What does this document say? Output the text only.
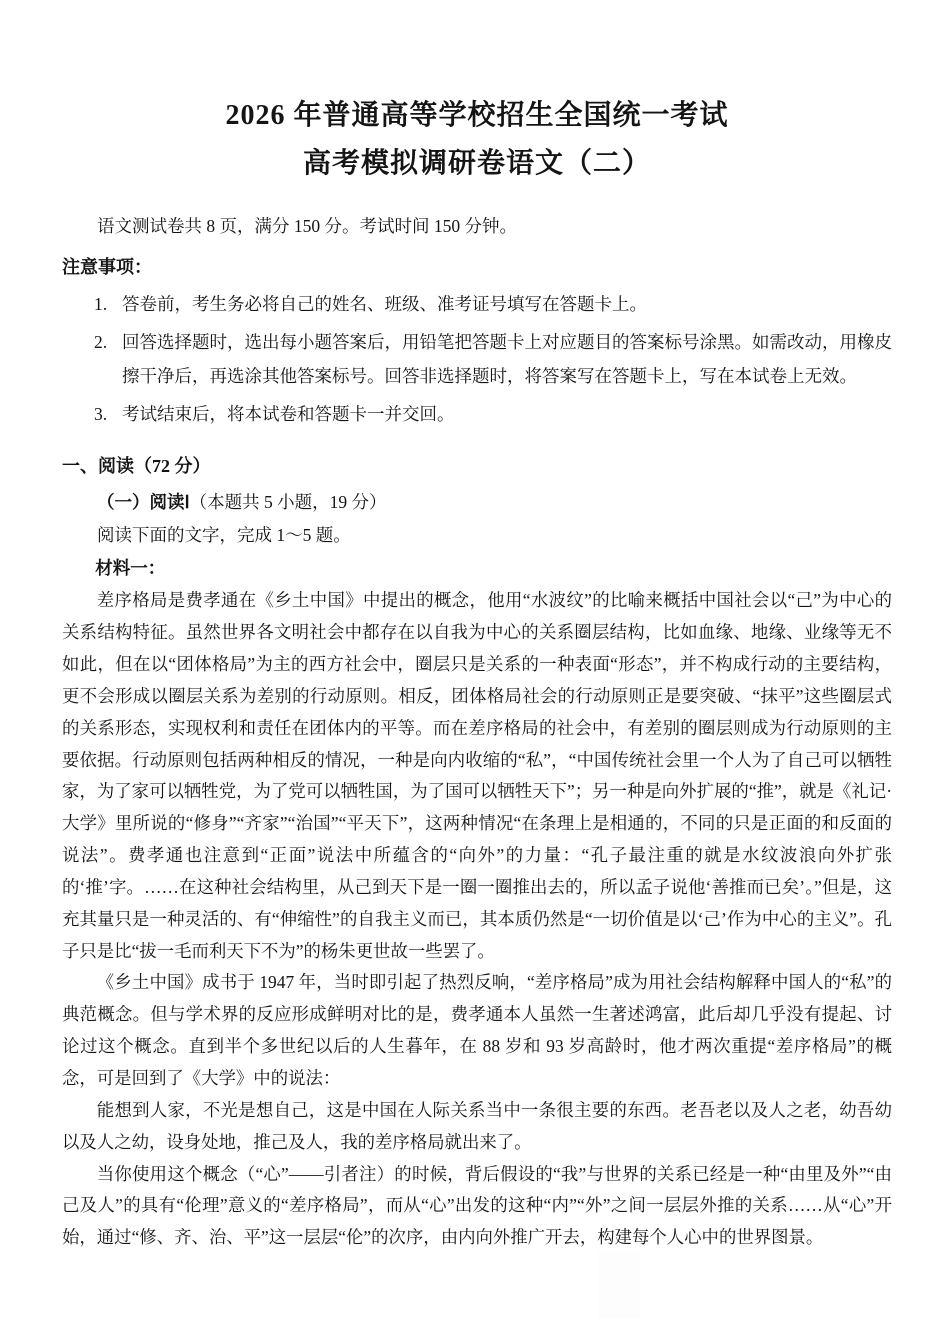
2026 年普通高等学校招生全国统一考试
高考模拟调研卷语文（二）
语文测试卷共 8 页，满分 150 分。考试时间 150 分钟。
注意事项：
1. 答卷前，考生务必将自己的姓名、班级、准考证号填写在答题卡上。
2. 回答选择题时，选出每小题答案后，用铅笔把答题卡上对应题目的答案标号涂黑。如需改动，用橡皮擦干净后，再选涂其他答案标号。回答非选择题时，将答案写在答题卡上，写在本试卷上无效。
3. 考试结束后，将本试卷和答题卡一并交回。
一、阅读（72 分）
（一）阅读Ⅰ（本题共 5 小题，19 分）
阅读下面的文字，完成 1～5 题。
材料一：

差序格局是费孝通在《乡土中国》中提出的概念，他用“水波纹”的比喻来概括中国社会以“己”为中心的关系结构特征。虽然世界各文明社会中都存在以自我为中心的关系圈层结构，比如血缘、地缘、业缘等无不如此，但在以“团体格局”为主的西方社会中，圈层只是关系的一种表面“形态”，并不构成行动的主要结构，更不会形成以圈层关系为差别的行动原则。相反，团体格局社会的行动原则正是要突破、“抹平”这些圈层式的关系形态，实现权利和责任在团体内的平等。而在差序格局的社会中，有差别的圈层则成为行动原则的主要依据。行动原则包括两种相反的情况，一种是向内收缩的“私”，“中国传统社会里一个人为了自己可以牺牲家，为了家可以牺牲党，为了党可以牺牲国，为了国可以牺牲天下”；另一种是向外扩展的“推”，就是《礼记·大学》里所说的“修身”“齐家”“治国”“平天下”，这两种情况“在条理上是相通的，不同的只是正面的和反面的说法”。费孝通也注意到“正面”说法中所蕴含的“向外”的力量：“孔子最注重的就是水纹波浪向外扩张的‘推’字。……在这种社会结构里，从己到天下是一圈一圈推出去的，所以孟子说他‘善推而已矣’。”但是，这充其量只是一种灵活的、有“伸缩性”的自我主义而已，其本质仍然是“一切价值是以‘己’作为中心的主义”。孔子只是比“拔一毛而利天下不为”的杨朱更世故一些罢了。

《乡土中国》成书于 1947 年，当时即引起了热烈反响，“差序格局”成为用社会结构解释中国人的“私”的典范概念。但与学术界的反应形成鲜明对比的是，费孝通本人虽然一生著述鸿富，此后却几乎没有提起、讨论过这个概念。直到半个多世纪以后的人生暮年，在 88 岁和 93 岁高龄时，他才两次重提“差序格局”的概念，可是回到了《大学》中的说法：

能想到人家，不光是想自己，这是中国在人际关系当中一条很主要的东西。老吾老以及人之老，幼吾幼以及人之幼，设身处地，推己及人，我的差序格局就出来了。

当你使用这个概念（“心”——引者注）的时候，背后假设的“我”与世界的关系已经是一种“由里及外”“由己及人”的具有“伦理”意义的“差序格局”，而从“心”出发的这种“内”“外”之间一层层外推的关系……从“心”开始，通过“修、齐、治、平”这一层层“伦”的次序，由内向外推广开去，构建每个人心中的世界图景。
